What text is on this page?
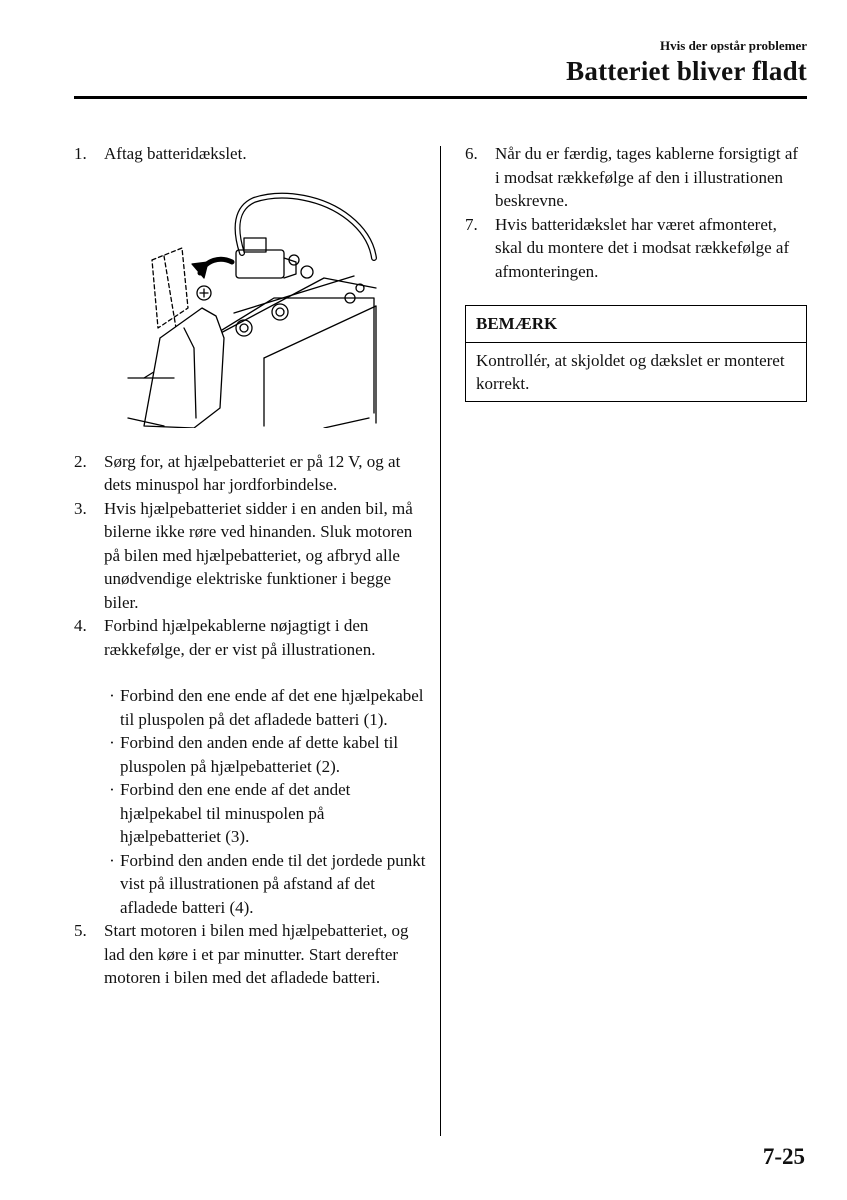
Hvis der opstår problemer
Batteriet bliver fladt
1.	Aftag batteridækslet.
2.	Sørg for, at hjælpebatteriet er på 12 V, og at dets minuspol har jordforbindelse.
3.	Hvis hjælpebatteriet sidder i en anden bil, må bilerne ikke røre ved hinanden. Sluk motoren på bilen med hjælpebatteriet, og afbryd alle unødvendige elektriske funktioner i begge biler.
4.	Forbind hjælpekablerne nøjagtigt i den rækkefølge, der er vist på illustrationen.
· Forbind den ene ende af det ene hjælpekabel til pluspolen på det afladede batteri (1).
· Forbind den anden ende af dette kabel til pluspolen på hjælpebatteriet (2).
· Forbind den ene ende af det andet hjælpekabel til minuspolen på hjælpebatteriet (3).
· Forbind den anden ende til det jordede punkt vist på illustrationen på afstand af det afladede batteri (4).
5.	Start motoren i bilen med hjælpebatteriet, og lad den køre i et par minutter. Start derefter motoren i bilen med det afladede batteri.
6.	Når du er færdig, tages kablerne forsigtigt af i modsat rækkefølge af den i illustrationen beskrevne.
7.	Hvis batteridækslet har været afmonteret, skal du montere det i modsat rækkefølge af afmonteringen.
BEMÆRK
Kontrollér, at skjoldet og dækslet er monteret korrekt.
7-25
